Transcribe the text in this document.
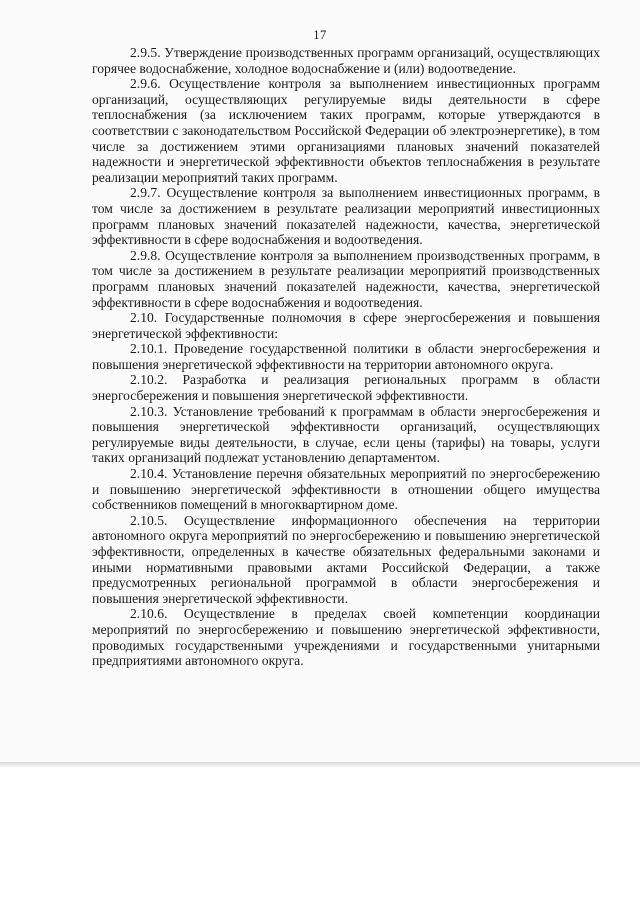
17

2.9.5. Утверждение производственных программ организаций, осуществляющих горячее водоснабжение, холодное водоснабжение и (или) водоотведение.

2.9.6. Осуществление контроля за выполнением инвестиционных программ организаций, осуществляющих регулируемые виды деятельности в сфере теплоснабжения (за исключением таких программ, которые утверждаются в соответствии с законодательством Российской Федерации об электроэнергетике), в том числе за достижением этими организациями плановых значений показателей надежности и энергетической эффективности объектов теплоснабжения в результате реализации мероприятий таких программ.

2.9.7. Осуществление контроля за выполнением инвестиционных программ, в том числе за достижением в результате реализации мероприятий инвестиционных программ плановых значений показателей надежности, качества, энергетической эффективности в сфере водоснабжения и водоотведения.

2.9.8. Осуществление контроля за выполнением производственных программ, в том числе за достижением в результате реализации мероприятий производственных программ плановых значений показателей надежности, качества, энергетической эффективности в сфере водоснабжения и водоотведения.

2.10. Государственные полномочия в сфере энергосбережения и повышения энергетической эффективности:

2.10.1. Проведение государственной политики в области энергосбережения и повышения энергетической эффективности на территории автономного округа.

2.10.2. Разработка и реализация региональных программ в области энергосбережения и повышения энергетической эффективности.

2.10.3. Установление требований к программам в области энергосбережения и повышения энергетической эффективности организаций, осуществляющих регулируемые виды деятельности, в случае, если цены (тарифы) на товары, услуги таких организаций подлежат установлению департаментом.

2.10.4. Установление перечня обязательных мероприятий по энергосбережению и повышению энергетической эффективности в отношении общего имущества собственников помещений в многоквартирном доме.

2.10.5. Осуществление информационного обеспечения на территории автономного округа мероприятий по энергосбережению и повышению энергетической эффективности, определенных в качестве обязательных федеральными законами и иными нормативными правовыми актами Российской Федерации, а также предусмотренных региональной программой в области энергосбережения и повышения энергетической эффективности.

2.10.6. Осуществление в пределах своей компетенции координации мероприятий по энергосбережению и повышению энергетической эффективности, проводимых государственными учреждениями и государственными унитарными предприятиями автономного округа.
